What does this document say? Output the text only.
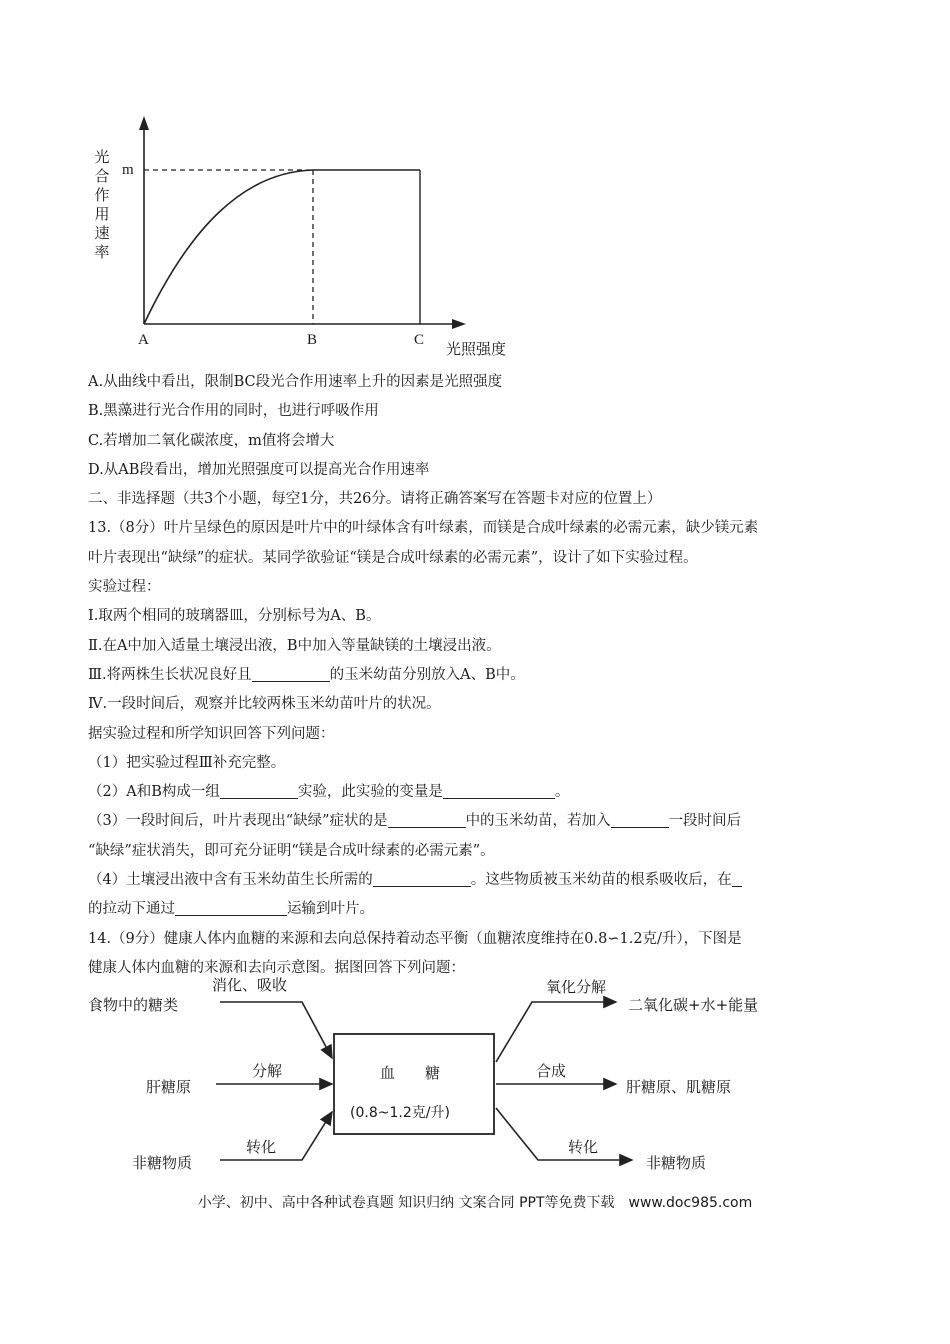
光
合
作
用
速
率
m
A	B	C 光照强度
A.从曲线中看出，限制BC段光合作用速率上升的因素是光照强度
B.黑藻进行光合作用的同时，也进行呼吸作用
C.若增加二氧化碳浓度，m值将会增大
D.从AB段看出，增加光照强度可以提高光合作用速率
二、非选择题（共3个小题，每空1分，共26分。请将正确答案写在答题卡对应的位置上）
13.（8分）叶片呈绿色的原因是叶片中的叶绿体含有叶绿素，而镁是合成叶绿素的必需元素，缺少镁元素
叶片表现出“缺绿”的症状。某同学欲验证“镁是合成叶绿素的必需元素”，设计了如下实验过程。
实验过程：
Ⅰ.取两个相同的玻璃器皿，分别标号为A、B。
Ⅱ.在A中加入适量土壤浸出液，B中加入等量缺镁的土壤浸出液。
Ⅲ.将两株生长状况良好且	的玉米幼苗分别放入A、B中。
Ⅳ.一段时间后，观察并比较两株玉米幼苗叶片的状况。
据实验过程和所学知识回答下列问题：
（1）把实验过程Ⅲ补充完整。
（2）A和B构成一组	实验，此实验的变量是	。
（3）一段时间后，叶片表现出“缺绿”症状的是	中的玉米幼苗，若加入	一段时间后
“缺绿”症状消失，即可充分证明“镁是合成叶绿素的必需元素”。
（4）土壤浸出液中含有玉米幼苗生长所需的	。这些物质被玉米幼苗的根系吸收后，在
的拉动下通过	运输到叶片。
14.（9分）健康人体内血糖的来源和去向总保持着动态平衡（血糖浓度维持在0.8∽1.2克/升），下图是
健康人体内血糖的来源和去向示意图。据图回答下列问题：
食物中的糖类
肝糖原
非糖物质
消化、吸收
分解
转化
血　　糖
(0.8~1.2克/升)
氧化分解
合成
转化
二氧化碳+水+能量
肝糖原、肌糖原
非糖物质
小学、初中、高中各种试卷真题 知识归纳 文案合同 PPT等免费下载　www.doc985.com
